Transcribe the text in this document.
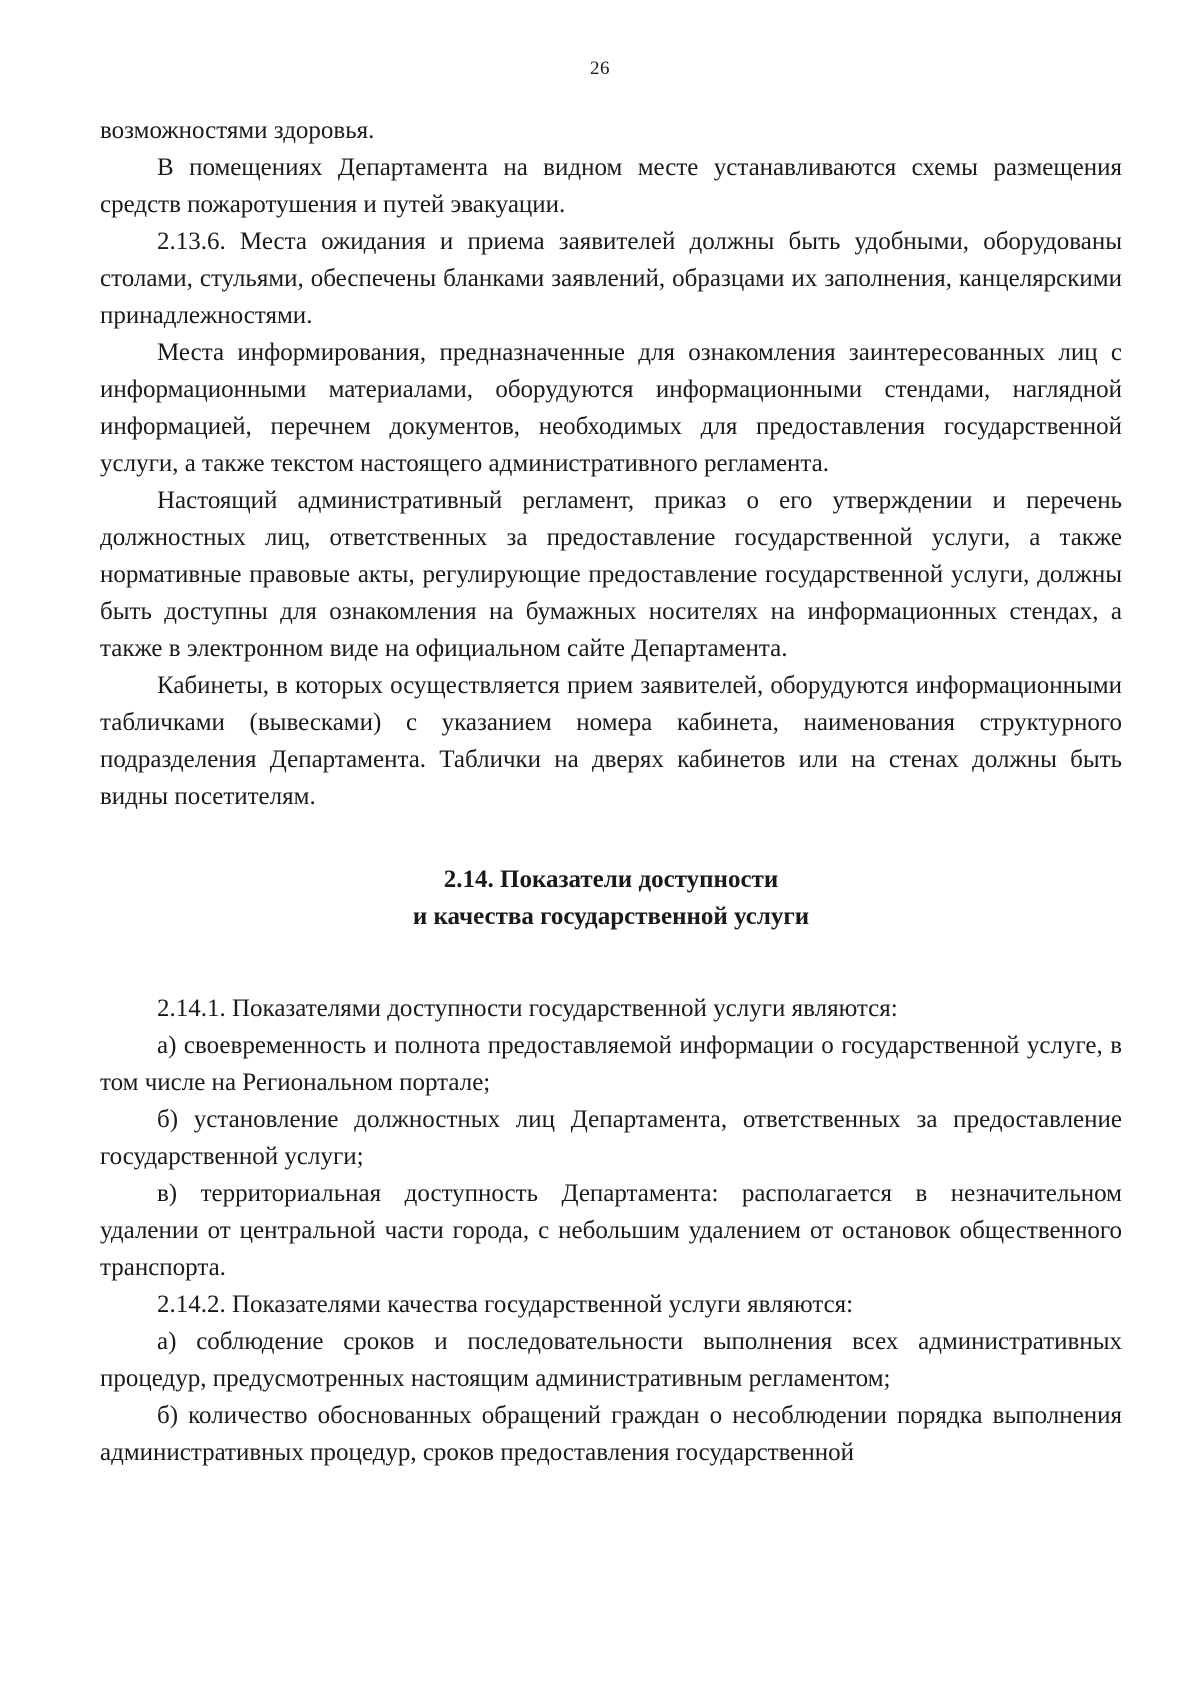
26

возможностями здоровья.

В помещениях Департамента на видном месте устанавливаются схемы размещения средств пожаротушения и путей эвакуации.

2.13.6. Места ожидания и приема заявителей должны быть удобными, оборудованы столами, стульями, обеспечены бланками заявлений, образцами их заполнения, канцелярскими принадлежностями.

Места информирования, предназначенные для ознакомления заинтересованных лиц с информационными материалами, оборудуются информационными стендами, наглядной информацией, перечнем документов, необходимых для предоставления государственной услуги, а также текстом настоящего административного регламента.

Настоящий административный регламент, приказ о его утверждении и перечень должностных лиц, ответственных за предоставление государственной услуги, а также нормативные правовые акты, регулирующие предоставление государственной услуги, должны быть доступны для ознакомления на бумажных носителях на информационных стендах, а также в электронном виде на официальном сайте Департамента.

Кабинеты, в которых осуществляется прием заявителей, оборудуются информационными табличками (вывесками) с указанием номера кабинета, наименования структурного подразделения Департамента. Таблички на дверях кабинетов или на стенах должны быть видны посетителям.

2.14. Показатели доступности
и качества государственной услуги

2.14.1. Показателями доступности государственной услуги являются:

а) своевременность и полнота предоставляемой информации о государственной услуге, в том числе на Региональном портале;

б) установление должностных лиц Департамента, ответственных за предоставление государственной услуги;

в) территориальная доступность Департамента: располагается в незначительном удалении от центральной части города, с небольшим удалением от остановок общественного транспорта.

2.14.2. Показателями качества государственной услуги являются:

а) соблюдение сроков и последовательности выполнения всех административных процедур, предусмотренных настоящим административным регламентом;

б) количество обоснованных обращений граждан о несоблюдении порядка выполнения административных процедур, сроков предоставления государственной
